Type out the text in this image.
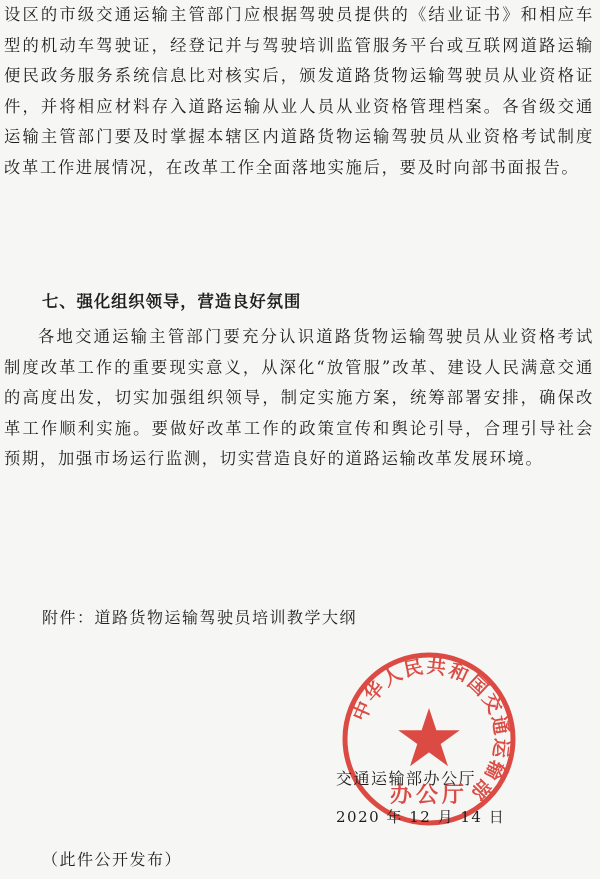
设区的市级交通运输主管部门应根据驾驶员提供的《结业证书》和相应车型的机动车驾驶证，经登记并与驾驶培训监管服务平台或互联网道路运输便民政务服务系统信息比对核实后，颁发道路货物运输驾驶员从业资格证件，并将相应材料存入道路运输从业人员从业资格管理档案。各省级交通运输主管部门要及时掌握本辖区内道路货物运输驾驶员从业资格考试制度改革工作进展情况，在改革工作全面落地实施后，要及时向部书面报告。

七、强化组织领导，营造良好氛围

各地交通运输主管部门要充分认识道路货物运输驾驶员从业资格考试制度改革工作的重要现实意义，从深化“放管服”改革、建设人民满意交通的高度出发，切实加强组织领导，制定实施方案，统筹部署安排，确保改革工作顺利实施。要做好改革工作的政策宣传和舆论引导，合理引导社会预期，加强市场运行监测，切实营造良好的道路运输改革发展环境。

附件：道路货物运输驾驶员培训教学大纲

中华人民共和国交通运输部
办公厅

交通运输部办公厅

2020 年 12 月 14 日

（此件公开发布）
